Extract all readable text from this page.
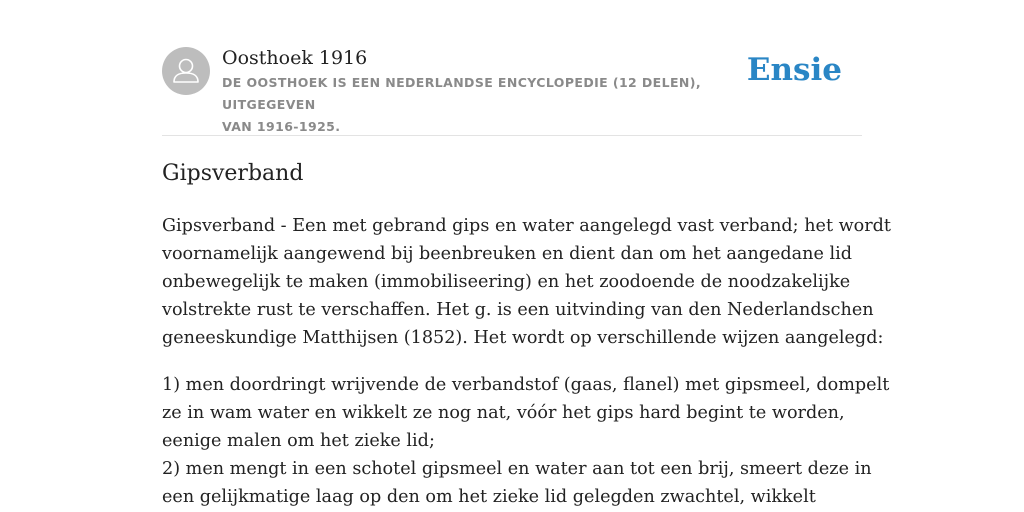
Oosthoek 1916
DE OOSTHOEK IS EEN NEDERLANDSE ENCYCLOPEDIE (12 DELEN), UITGEGEVEN
VAN 1916-1925.
Ensie
Gipsverband

Gipsverband - Een met gebrand gips en water aangelegd vast verband; het wordt
voornamelijk aangewend bij beenbreuken en dient dan om het aangedane lid
onbewegelijk te maken (immobiliseering) en het zoodoende de noodzakelijke
volstrekte rust te verschaffen. Het g. is een uitvinding van den Nederlandschen
geneeskundige Matthijsen (1852). Het wordt op verschillende wijzen aangelegd:

1) men doordringt wrijvende de verbandstof (gaas, flanel) met gipsmeel, dompelt
ze in wam water en wikkelt ze nog nat, vóór het gips hard begint te worden,
eenige malen om het zieke lid;
2) men mengt in een schotel gipsmeel en water aan tot een brij, smeert deze in
een gelijkmatige laag op den om het zieke lid gelegden zwachtel, wikkelt
